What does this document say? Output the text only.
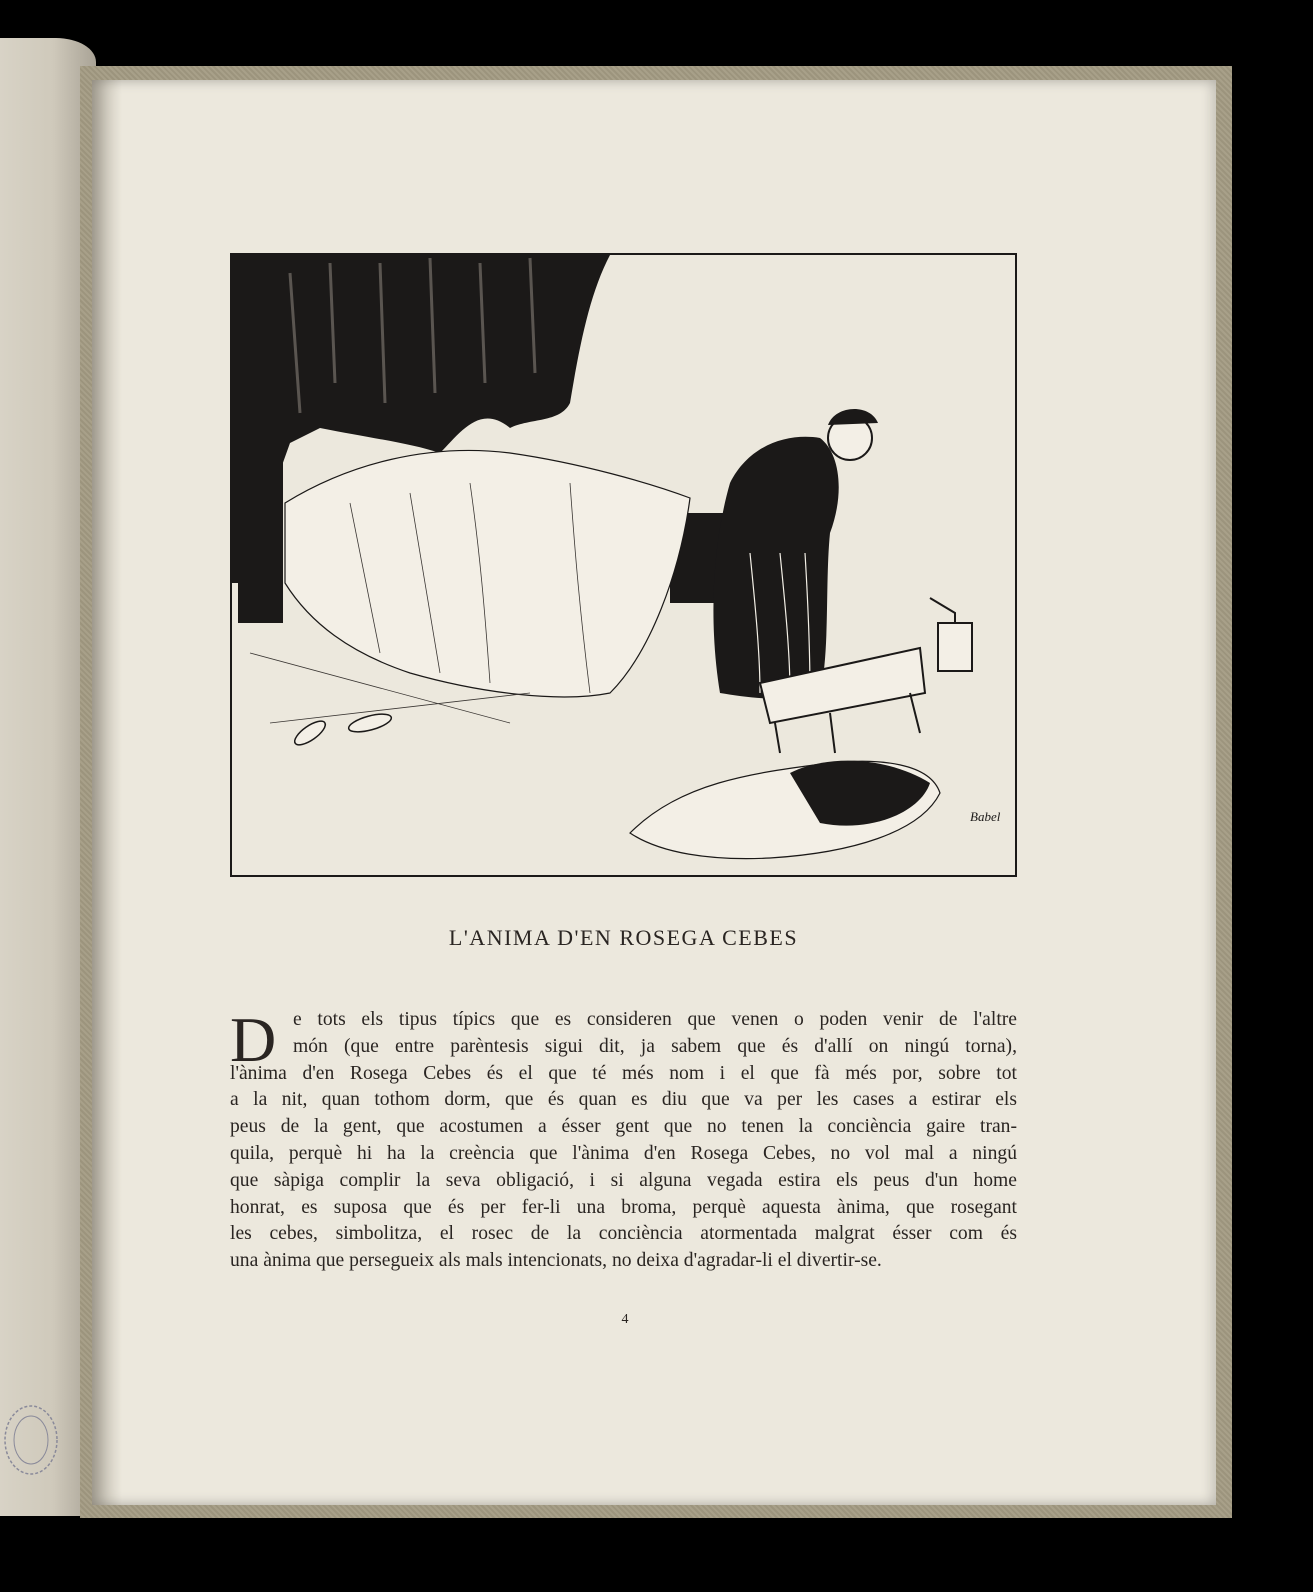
Babel
L'ANIMA D'EN ROSEGA CEBES
D e tots els tipus típics que es consideren que venen o poden venir de l'altre
món (que entre parèntesis sigui dit, ja sabem que és d'allí on ningú torna),
l'ànima d'en Rosega Cebes és el que té més nom i el que fà més por, sobre tot
a la nit, quan tothom dorm, que és quan es diu que va per les cases a estirar els
peus de la gent, que acostumen a ésser gent que no tenen la conciència gaire tran-
quila, perquè hi ha la creència que l'ànima d'en Rosega Cebes, no vol mal a ningú
que sàpiga complir la seva obligació, i si alguna vegada estira els peus d'un home
honrat, es suposa que és per fer-li una broma, perquè aquesta ànima, que rosegant
les cebes, simbolitza, el rosec de la conciència atormentada malgrat ésser com és
una ànima que persegueix als mals intencionats, no deixa d'agradar-li el divertir-se.
4
